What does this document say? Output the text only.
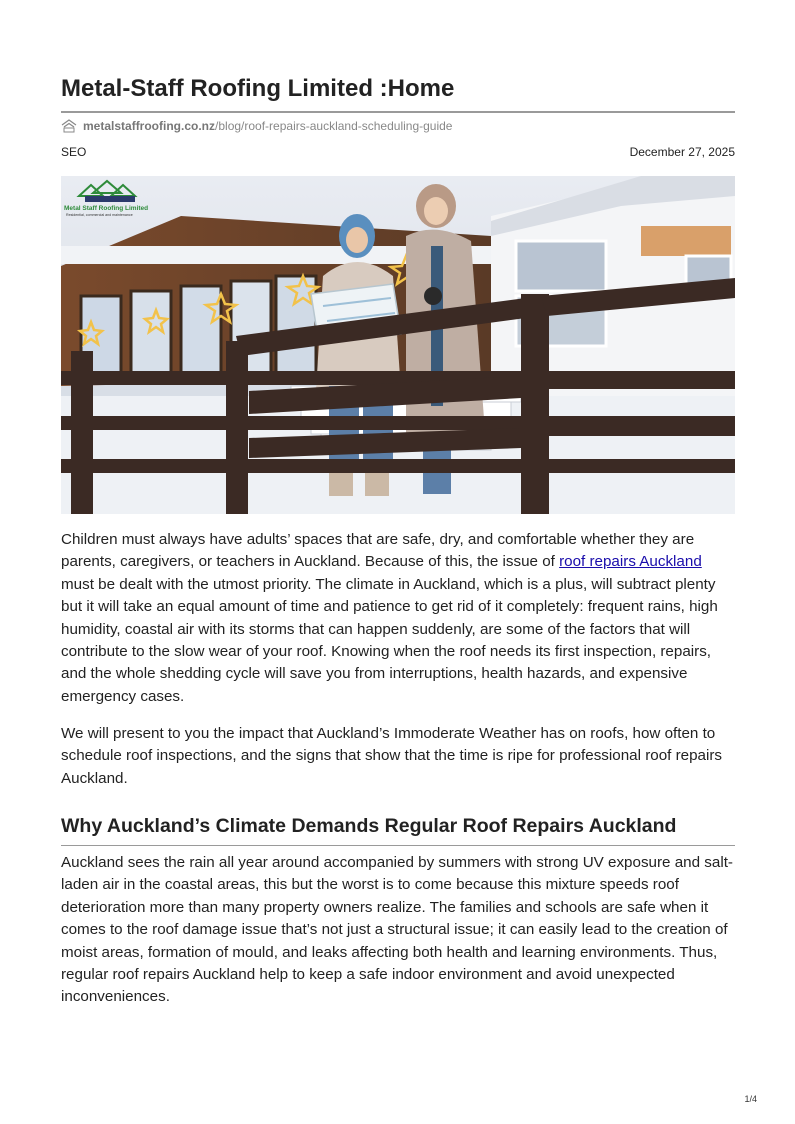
Metal-Staff Roofing Limited :Home
metalstaffroofing.co.nz /blog/roof-repairs-auckland-scheduling-guide
SEO	December 27, 2025
Metal Staff Roofing Limited
Residential, commercial and maintenance

Children must always have adults’ spaces that are safe, dry, and comfortable whether they are parents, caregivers, or teachers in Auckland. Because of this, the issue of roof repairs Auckland must be dealt with the utmost priority. The climate in Auckland, which is a plus, will subtract plenty but it will take an equal amount of time and patience to get rid of it completely: frequent rains, high humidity, coastal air with its storms that can happen suddenly, are some of the factors that will contribute to the slow wear of your roof. Knowing when the roof needs its first inspection, repairs, and the whole shedding cycle will save you from interruptions, health hazards, and expensive emergency cases.

We will present to you the impact that Auckland’s Immoderate Weather has on roofs, how often to schedule roof inspections, and the signs that show that the time is ripe for professional roof repairs Auckland.

Why Auckland’s Climate Demands Regular Roof Repairs Auckland

Auckland sees the rain all year around accompanied by summers with strong UV exposure and salt-laden air in the coastal areas, this but the worst is to come because this mixture speeds roof deterioration more than many property owners realize. The families and schools are safe when it comes to the roof damage issue that’s not just a structural issue; it can easily lead to the creation of moist areas, formation of mould, and leaks affecting both health and learning environments. Thus, regular roof repairs Auckland help to keep a safe indoor environment and avoid unexpected inconveniences.

1/4
